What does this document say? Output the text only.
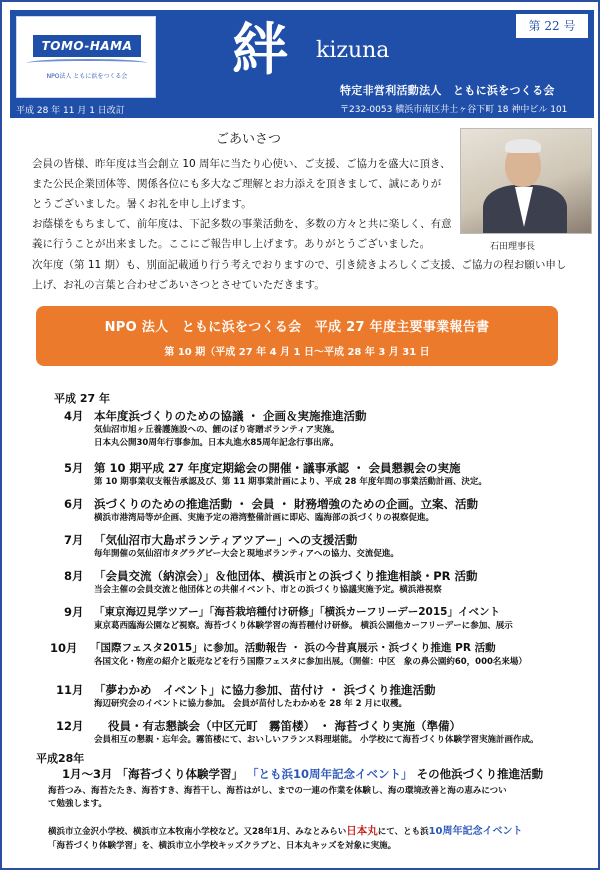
TOMO-HAMA
NPO法人 ともに浜をつくる会
平成 28 年 11 月 1 日改訂
絆 kizuna
第 22 号
特定非営利活動法人　ともに浜をつくる会
〒232-0053 横浜市南区井土ヶ谷下町 18 神中ビル 101
ごあいさつ
石田理事長

会員の皆様、昨年度は当会創立 10 周年に当たり心使い、ご支援、ご協力を盛大に頂き、

また公民企業団体等、関係各位にも多大なご理解とお力添えを頂きまして、誠にありが

とうございました。暑くお礼を申し上げます。

お蔭様をもちまして、前年度は、下記多数の事業活動を、多数の方々と共に楽しく、有意

義に行うことが出来ました。ここにご報告申し上げます。ありがとうございました。

次年度（第 11 期）も、別面記載通り行う考えでおりますので、引き続きよろしくご支援、ご協力の程お願い申し

上げ、お礼の言葉と合わせごあいさつとさせていただきます。

NPO 法人　ともに浜をつくる会　平成 27 年度主要事業報告書
第 10 期（平成 27 年 4 月 1 日～平成 28 年 3 月 31 日
平成 27 年
4月 本年度浜づくりのための協議 ・ 企画＆実施推進活動
気仙沼市旭ヶ丘養護施設への、鯉のぼり寄贈ボランティア実施。
日本丸公開30周年行事参加。日本丸進水85周年記念行事出席。
5月 第 10 期平成 27 年度定期総会の開催・議事承認 ・ 会員懇親会の実施
第 10 期事業収支報告承認及び、第 11 期事業計画により、平成 28 年度年間の事業活動計画、決定。
6月 浜づくりのための推進活動 ・ 会員 ・ 財務増強のための企画。立案、活動
横浜市港湾局等が企画、実施予定の港湾整備計画に即応、臨海部の浜づくりの視察促進。
7月 「気仙沼市大島ボランティアツアー」への支援活動
毎年開催の気仙沼市タグラグビー大会と現地ボランティアへの協力、交流促進。
8月 「会員交流（納涼会）」＆他団体、横浜市との浜づくり推進相談・PR 活動
当会主催の会員交流と他団体との共催イベント、市との浜づくり協議実施予定。横浜港視察
9月 「東京海辺見学ツアー」「海苔栽培種付け研修」「横浜カーフリーデー2015」イベント
東京葛西臨海公園など視察。海苔づくり体験学習の海苔種付け研修。 横浜公園他カーフリーデーに参加、展示
10月 「国際フェスタ2015」に参加。活動報告 ・ 浜の今昔真展示・浜づくり推進 PR 活動
各国文化・物産の紹介と販売などを行う国際フェスタに参加出展。（開催：中区　象の鼻公園約60，000名来場）
11月 「夢わかめ　イベント」に協力参加、苗付け ・ 浜づくり推進活動
海辺研究会のイベントに協力参加。 会員が苗付したわかめを 28 年 2 月に収穫。
12月 役員・有志懇談会（中区元町　霧笛楼） ・ 海苔づくり実施（準備）
会員相互の懇親・忘年会。霧笛楼にて、おいしいフランス料理堪能。 小学校にて海苔づくり体験学習実施計画作成。
平成28年
1月～3月 「海苔づくり体験学習」 「とも浜10周年記念イベント」 その他浜づくり推進活動
海苔つみ、海苔たたき、海苔すき、海苔干し、海苔はがし、までの一連の作業を体験し、海の環境改善と海の恵みについ
て勉強します。
横浜市立金沢小学校、横浜市立本牧南小学校など。又28年1月、みなとみらい日本丸にて、とも浜10周年記念イベント
「海苔づくり体験学習」を、横浜市立小学校キッズクラブと、日本丸キッズを対象に実施。
